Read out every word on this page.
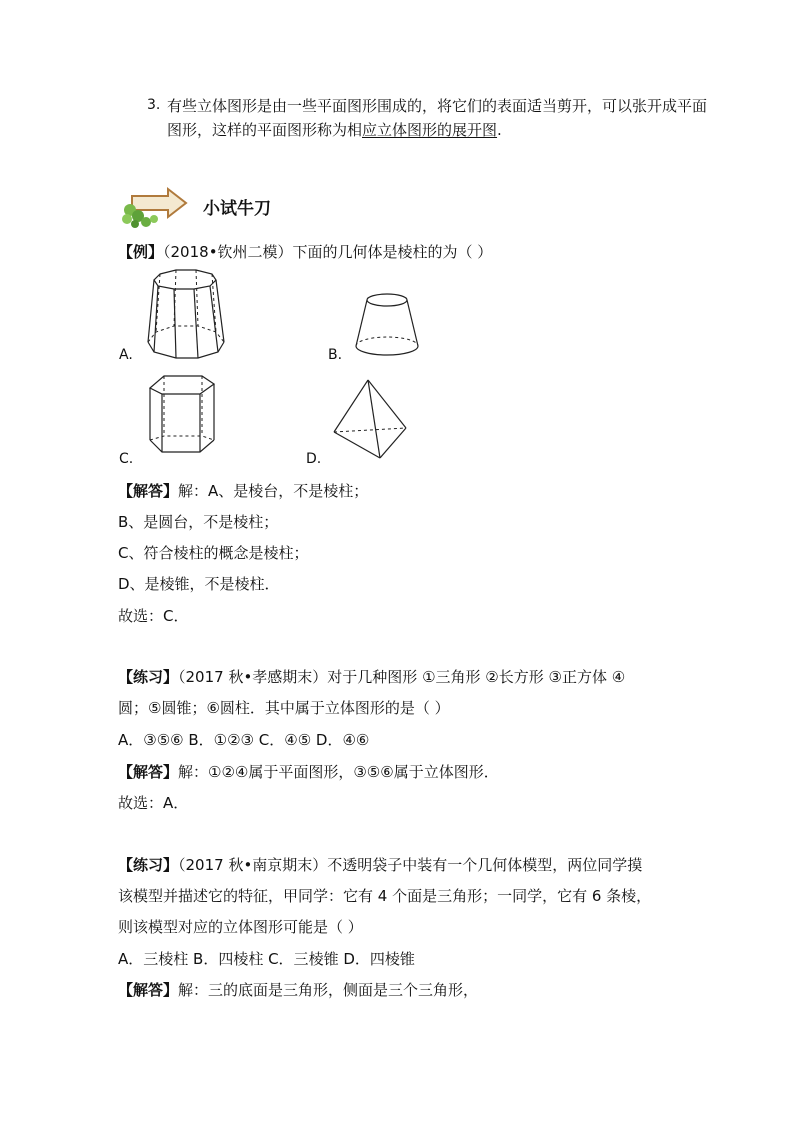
3. 有些立体图形是由一些平面图形围成的，将它们的表面适当剪开，可以张开成平面
图形，这样的平面图形称为相应立体图形的展开图.
小试牛刀
【例】（2018•钦州二模）下面的几何体是棱柱的为（ ）
A.	B.
C.	D.
【解答】解：A、是棱台，不是棱柱；
B、是圆台，不是棱柱；
C、符合棱柱的概念是棱柱；
D、是棱锥，不是棱柱．
故选：C．
【练习】（2017 秋•孝感期末）对于几种图形 ①三角形 ②长方形 ③正方体 ④
圆；⑤圆锥；⑥圆柱．其中属于立体图形的是（ ）
A．③⑤⑥ B．①②③ C．④⑤ D．④⑥
【解答】解：①②④属于平面图形，③⑤⑥属于立体图形．
故选：A．
【练习】（2017 秋•南京期末）不透明袋子中装有一个几何体模型，两位同学摸
该模型并描述它的特征，甲同学：它有 4 个面是三角形；一同学，它有 6 条棱，
则该模型对应的立体图形可能是（ ）
A．三棱柱 B．四棱柱 C．三棱锥 D．四棱锥
【解答】解：三的底面是三角形，侧面是三个三角形，
